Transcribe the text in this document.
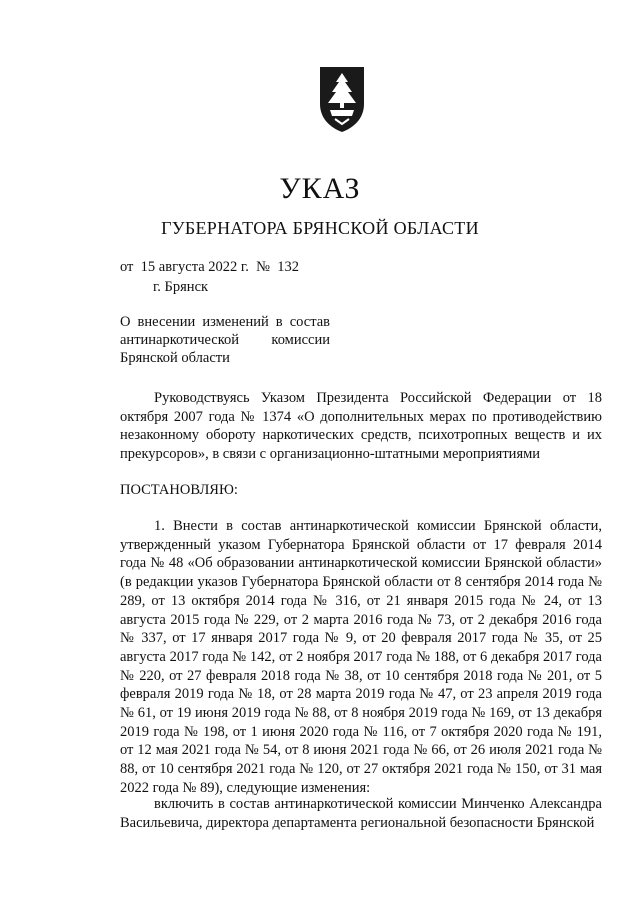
УКАЗ
ГУБЕРНАТОРА БРЯНСКОЙ ОБЛАСТИ
от 15 августа 2022 г. № 132
г. Брянск
О внесении изменений в состав
антинаркотической комиссии
Брянской области

Руководствуясь Указом Президента Российской Федерации от 18 октября 2007 года № 1374 «О дополнительных мерах по противодействию незаконному обороту наркотических средств, психотропных веществ и их прекурсоров», в связи с организационно-штатными мероприятиями

ПОСТАНОВЛЯЮ:

1. Внести в состав антинаркотической комиссии Брянской области, утвержденный указом Губернатора Брянской области от 17 февраля 2014 года № 48 «Об образовании антинаркотической комиссии Брянской области» (в редакции указов Губернатора Брянской области от 8 сентября 2014 года № 289, от 13 октября 2014 года № 316, от 21 января 2015 года № 24, от 13 августа 2015 года № 229, от 2 марта 2016 года № 73, от 2 декабря 2016 года № 337, от 17 января 2017 года № 9, от 20 февраля 2017 года № 35, от 25 августа 2017 года № 142, от 2 ноября 2017 года № 188, от 6 декабря 2017 года № 220, от 27 февраля 2018 года № 38, от 10 сентября 2018 года № 201, от 5 февраля 2019 года № 18, от 28 марта 2019 года № 47, от 23 апреля 2019 года № 61, от 19 июня 2019 года № 88, от 8 ноября 2019 года № 169, от 13 декабря 2019 года № 198, от 1 июня 2020 года № 116, от 7 октября 2020 года № 191, от 12 мая 2021 года № 54, от 8 июня 2021 года № 66, от 26 июля 2021 года № 88, от 10 сентября 2021 года № 120, от 27 октября 2021 года № 150, от 31 мая 2022 года № 89), следующие изменения:

включить в состав антинаркотической комиссии Минченко Александра Васильевича, директора департамента региональной безопасности Брянской
